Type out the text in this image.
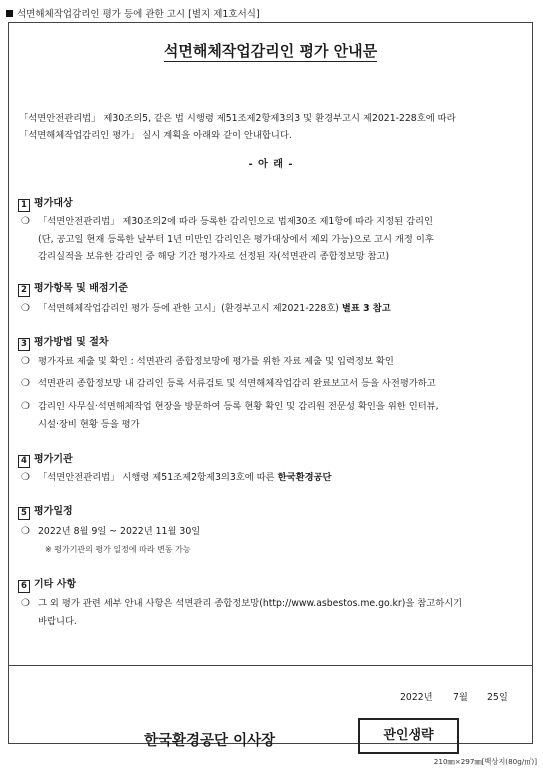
석면해체작업감리인 평가 등에 관한 고시 [별지 제1호서식]
석면해체작업감리인 평가 안내문
「석면안전관리법」 제30조의5, 같은 법 시행령 제51조제2항제3의3 및 환경부고시 제2021-228호에 따라
「석면해체작업감리인 평가」 실시 계획을 아래와 같이 안내합니다.
- 아 래 -
1 평가대상
❍ 「석면안전관리법」 제30조의2에 따라 등록한 감리인으로 법제30조 제1항에 따라 지정된 감리인
(단, 공고일 현재 등록한 날부터 1년 미만인 감리인은 평가대상에서 제외 가능)으로 고시 개정 이후
감리실적을 보유한 감리인 중 해당 기간 평가자로 선정된 자(석면관리 종합정보망 참고)
2 평가항목 및 배점기준
❍ 「석면해체작업감리인 평가 등에 관한 고시」(환경부고시 제2021-228호) 별표 3 참고
3 평가방법 및 절차
❍ 평가자료 제출 및 확인 : 석면관리 종합정보망에 평가를 위한 자료 제출 및 입력정보 확인
❍ 석면관리 종합정보망 내 감리인 등록 서류검토 및 석면해체작업감리 완료보고서 등을 사전평가하고
❍ 감리인 사무실·석면해체작업 현장을 방문하여 등록 현황 확인 및 감리원 전문성 확인을 위한 인터뷰,
시설·장비 현황 등을 평가
4 평가기관
❍ 「석면안전관리법」 시행령 제51조제2항제3의3호에 따른 한국환경공단
5 평가일정
❍ 2022년 8월 9일 ~ 2022년 11월 30일
※ 평가기관의 평가 일정에 따라 변동 가능
6 기타 사항
❍ 그 외 평가 관련 세부 안내 사항은 석면관리 종합정보망(http://www.asbestos.me.go.kr)을 참고하시기
바랍니다.
2022년 7월 25일
한국환경공단 이사장	관인생략
210㎜×297㎜[백상지(80g/㎡)]
